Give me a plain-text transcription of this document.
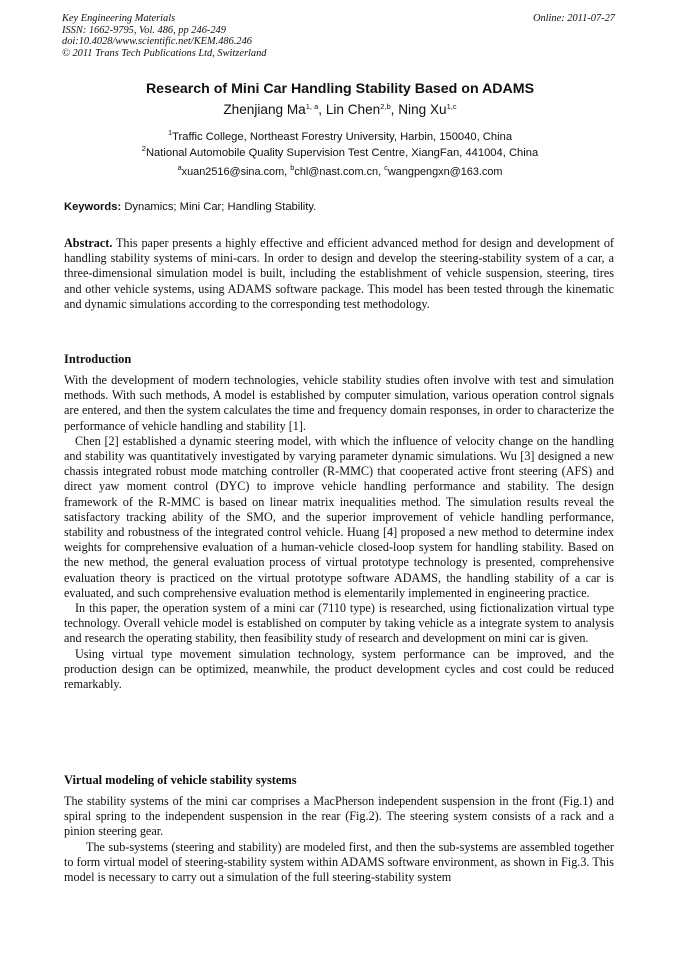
Key Engineering Materials
ISSN: 1662-9795, Vol. 486, pp 246-249
doi:10.4028/www.scientific.net/KEM.486.246
© 2011 Trans Tech Publications Ltd, Switzerland
Online: 2011-07-27
Research of Mini Car Handling Stability Based on ADAMS
Zhenjiang Ma$^{1, a}$, Lin Chen$^{2,b}$, Ning Xu$^{1,c}$
$^1$Traffic College, Northeast Forestry University, Harbin, 150040, China
$^2$National Automobile Quality Supervision Test Centre, XiangFan, 441004, China
$^a$xuan2516@sina.com, $^b$chl@nast.com.cn, $^c$wangpengxn@163.com
Keywords: Dynamics; Mini Car; Handling Stability.

Abstract. This paper presents a highly effective and efficient advanced method for design and development of handling stability systems of mini-cars. In order to design and develop the steering-stability system of a car, a three-dimensional simulation model is built, including the establishment of vehicle suspension, steering, tires and other vehicle systems, using ADAMS software package. This model has been tested through the kinematic and dynamic simulations according to the corresponding test methodology.

Introduction

With the development of modern technologies, vehicle stability studies often involve with test and simulation methods. With such methods, A model is established by computer simulation, various operation control signals are entered, and then the system calculates the time and frequency domain responses, in order to characterize the performance of vehicle handling and stability [1].

Chen [2] established a dynamic steering model, with which the influence of velocity change on the handling and stability was quantitatively investigated by varying parameter dynamic simulations. Wu [3] designed a new chassis integrated robust mode matching controller (R-MMC) that cooperated active front steering (AFS) and direct yaw moment control (DYC) to improve vehicle handling performance and stability. The design framework of the R-MMC is based on linear matrix inequalities method. The simulation results reveal the satisfactory tracking ability of the SMO, and the superior improvement of vehicle handling performance, stability and robustness of the integrated control vehicle. Huang [4] proposed a new method to determine index weights for comprehensive evaluation of a human-vehicle closed-loop system for handling stability. Based on the new method, the general evaluation process of virtual prototype technology is presented, comprehensive evaluation theory is practiced on the virtual prototype software ADAMS, the handling stability of a car is evaluated, and such comprehensive evaluation method is elementarily implemented in engineering practice.

In this paper, the operation system of a mini car (7110 type) is researched, using fictionalization virtual type technology. Overall vehicle model is established on computer by taking vehicle as a integrate system to analysis and research the operating stability, then feasibility study of research and development on mini car is given.

Using virtual type movement simulation technology, system performance can be improved, and the production design can be optimized, meanwhile, the product development cycles and cost could be reduced remarkably.

Virtual modeling of vehicle stability systems

The stability systems of the mini car comprises a MacPherson independent suspension in the front (Fig.1) and spiral spring to the independent suspension in the rear (Fig.2). The steering system consists of a rack and a pinion steering gear.

The sub-systems (steering and stability) are modeled first, and then the sub-systems are assembled together to form virtual model of steering-stability system within ADAMS software environment, as shown in Fig.3. This model is necessary to carry out a simulation of the full steering-stability system
